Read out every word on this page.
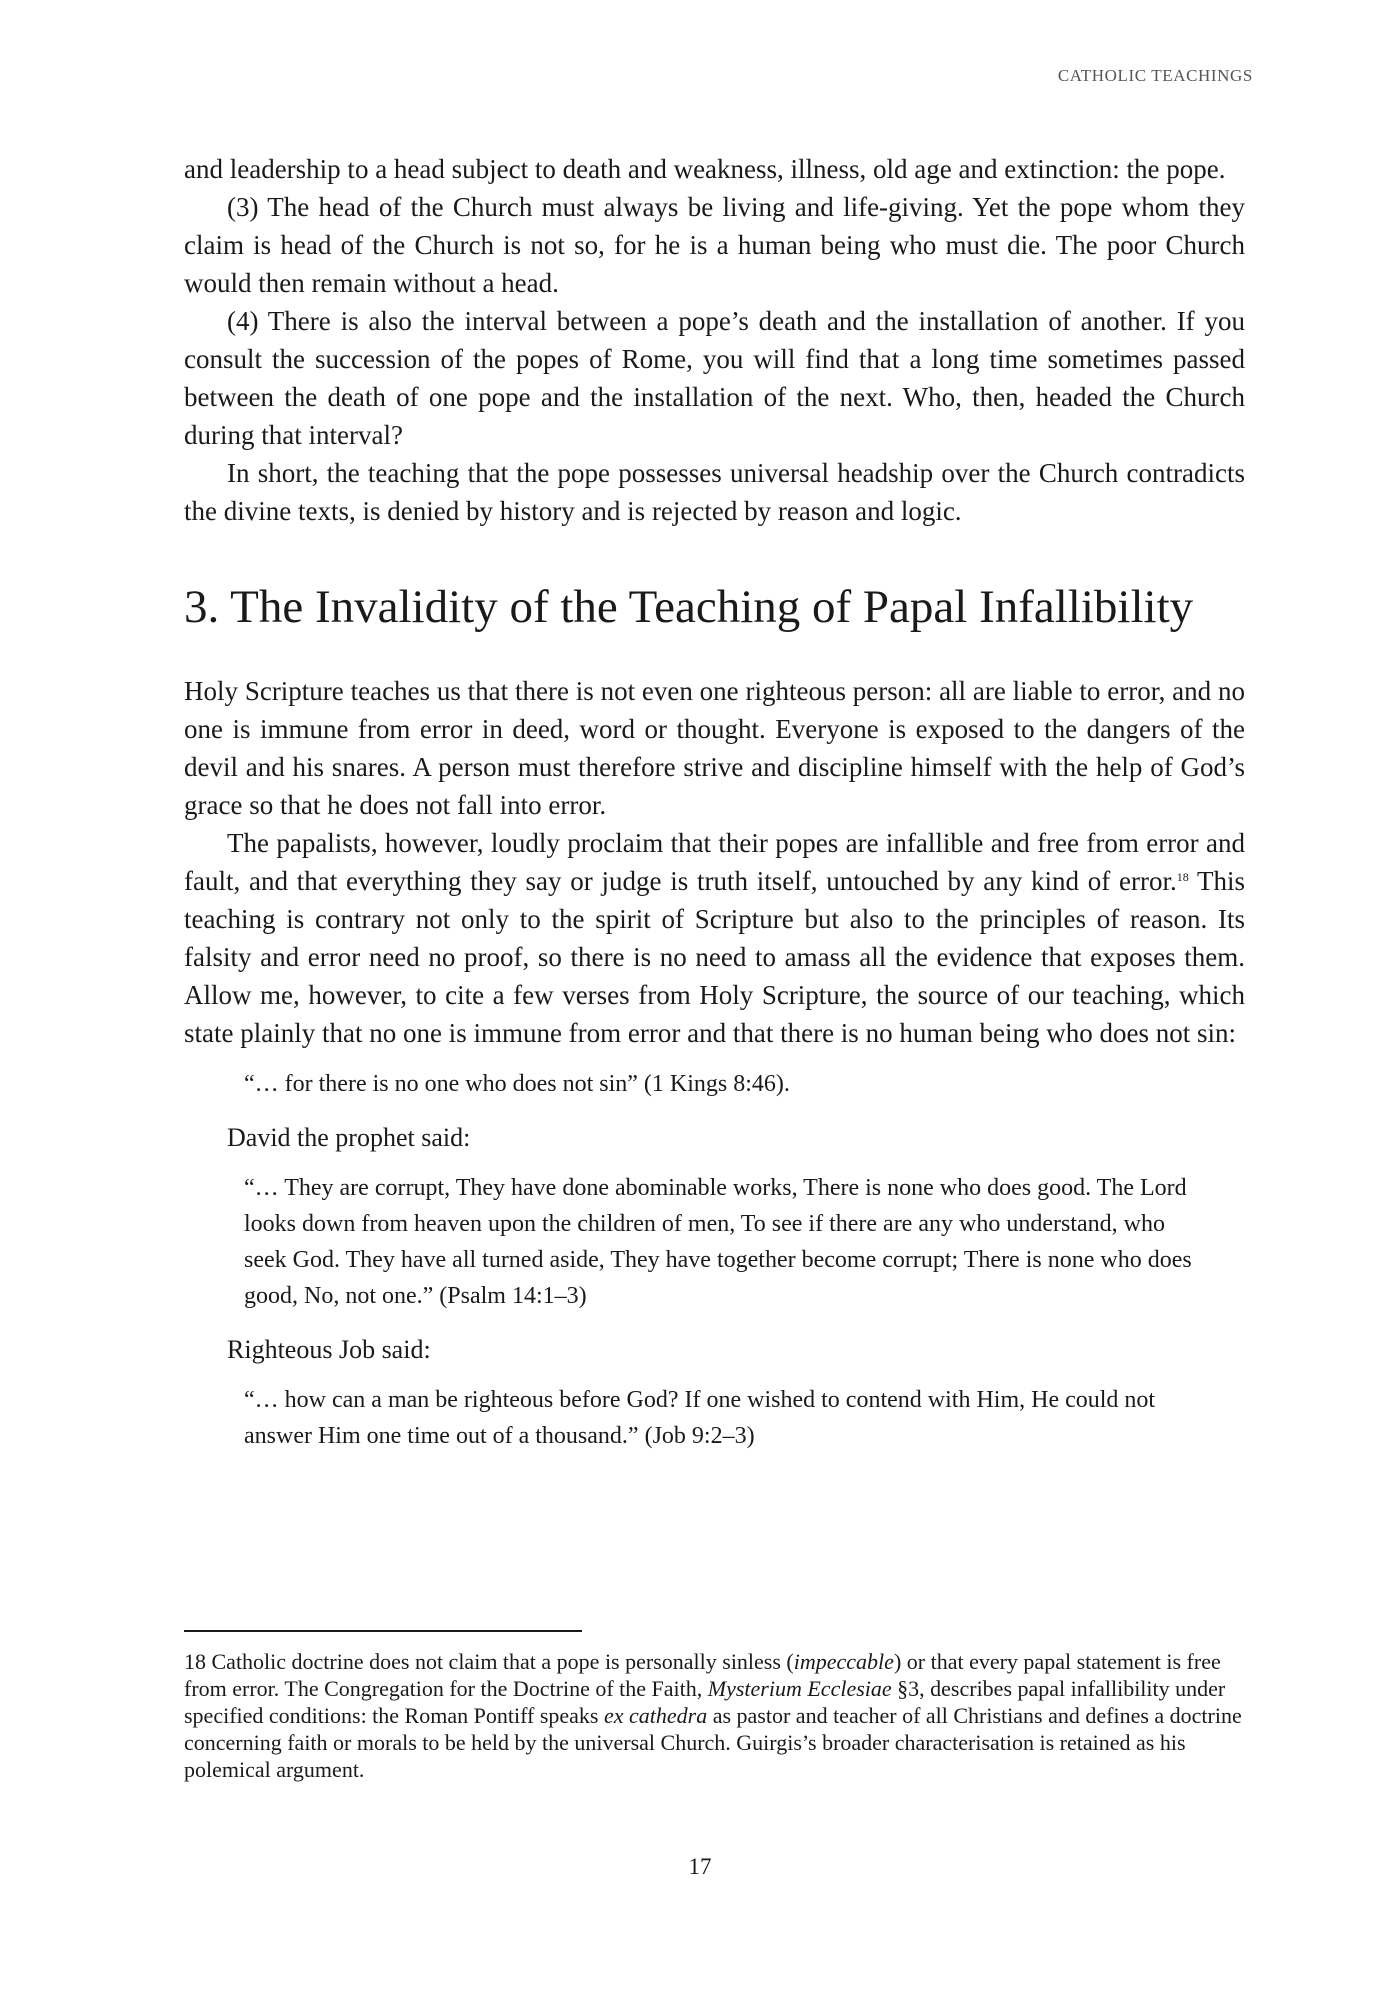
CATHOLIC TEACHINGS

and leadership to a head subject to death and weakness, illness, old age and extinction: the pope.

(3) The head of the Church must always be living and life-giving. Yet the pope whom they claim is head of the Church is not so, for he is a human being who must die. The poor Church would then remain without a head.

(4) There is also the interval between a pope’s death and the installation of another. If you consult the succession of the popes of Rome, you will find that a long time sometimes passed between the death of one pope and the installation of the next. Who, then, headed the Church during that interval?

In short, the teaching that the pope possesses universal headship over the Church contradicts the divine texts, is denied by history and is rejected by reason and logic.

3. The Invalidity of the Teaching of Papal Infallibility

Holy Scripture teaches us that there is not even one righteous person: all are liable to error, and no one is immune from error in deed, word or thought. Everyone is exposed to the dangers of the devil and his snares. A person must therefore strive and discipline himself with the help of God’s grace so that he does not fall into error.

The papalists, however, loudly proclaim that their popes are infallible and free from error and fault, and that everything they say or judge is truth itself, untouched by any kind of error.$^{18}$ This teaching is contrary not only to the spirit of Scripture but also to the principles of reason. Its falsity and error need no proof, so there is no need to amass all the evidence that exposes them. Allow me, however, to cite a few verses from Holy Scripture, the source of our teaching, which state plainly that no one is immune from error and that there is no human being who does not sin:

“… for there is no one who does not sin” (1 Kings 8:46).
David the prophet said:
“… They are corrupt, They have done abominable works, There is none who does good. The Lord looks down from heaven upon the children of men, To see if there are any who understand, who seek God. They have all turned aside, They have together become corrupt; There is none who does good, No, not one.” (Psalm 14:1–3)
Righteous Job said:
“… how can a man be righteous before God? If one wished to contend with Him, He could not answer Him one time out of a thousand.” (Job 9:2–3)

18 Catholic doctrine does not claim that a pope is personally sinless (impeccable) or that every papal statement is free from error. The Congregation for the Doctrine of the Faith, Mysterium Ecclesiae §3, describes papal infallibility under specified conditions: the Roman Pontiff speaks ex cathedra as pastor and teacher of all Christians and defines a doctrine concerning faith or morals to be held by the universal Church. Guirgis’s broader characterisation is retained as his polemical argument.

17
